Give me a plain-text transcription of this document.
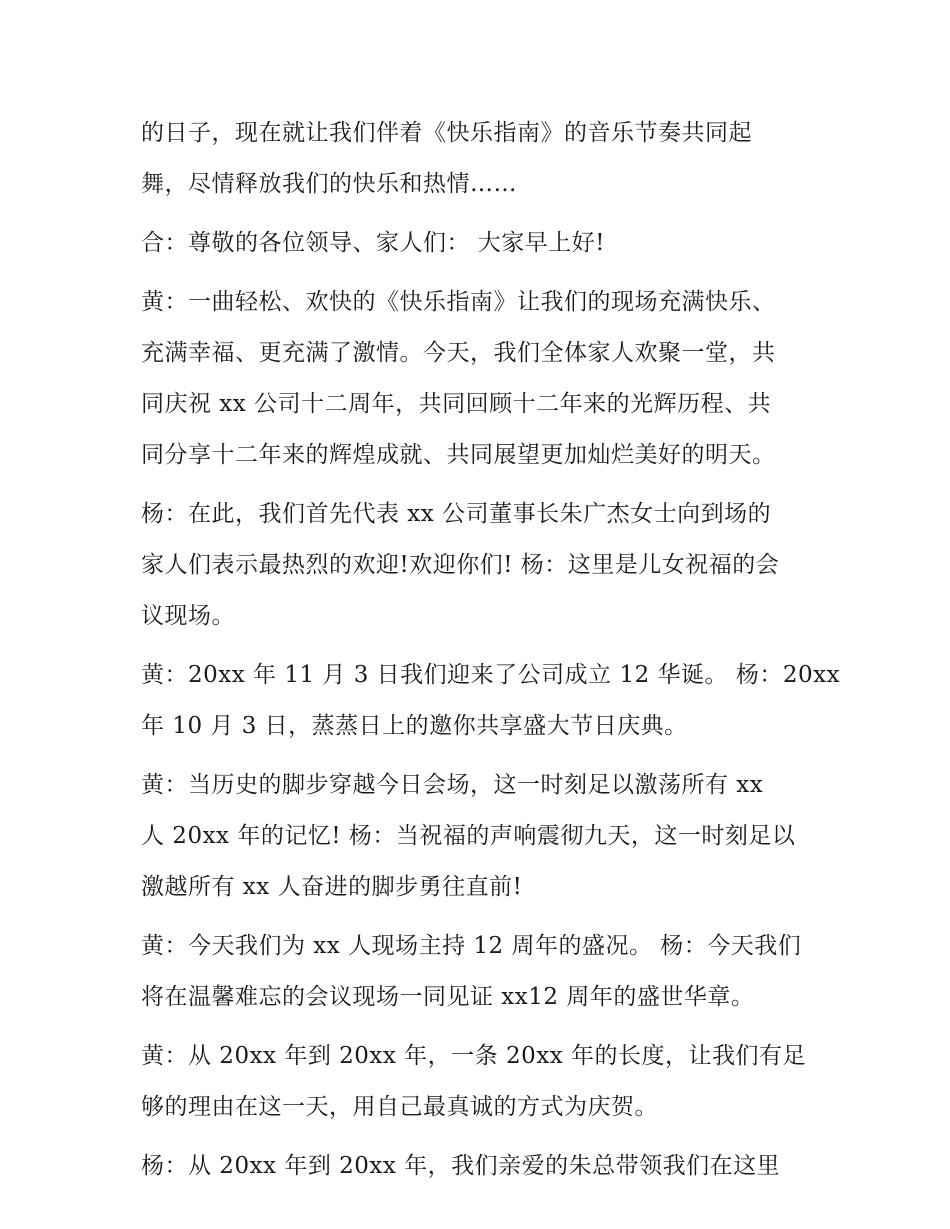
的日子，现在就让我们伴着《快乐指南》的音乐节奏共同起
舞，尽情释放我们的快乐和热情……

合：尊敬的各位领导、家人们： 大家早上好!

黄：一曲轻松、欢快的《快乐指南》让我们的现场充满快乐、
充满幸福、更充满了激情。今天，我们全体家人欢聚一堂，共
同庆祝 xx 公司十二周年，共同回顾十二年来的光辉历程、共
同分享十二年来的辉煌成就、共同展望更加灿烂美好的明天。

杨：在此，我们首先代表 xx 公司董事长朱广杰女士向到场的
家人们表示最热烈的欢迎!欢迎你们! 杨：这里是儿女祝福的会
议现场。

黄：20xx 年 11 月 3 日我们迎来了公司成立 12 华诞。 杨：20xx
年 10 月 3 日，蒸蒸日上的邀你共享盛大节日庆典。

黄：当历史的脚步穿越今日会场，这一时刻足以激荡所有 xx
人 20xx 年的记忆! 杨：当祝福的声响震彻九天，这一时刻足以
激越所有 xx 人奋进的脚步勇往直前!

黄：今天我们为 xx 人现场主持 12 周年的盛况。 杨：今天我们
将在温馨难忘的会议现场一同见证 xx12 周年的盛世华章。

黄：从 20xx 年到 20xx 年，一条 20xx 年的长度，让我们有足
够的理由在这一天，用自己最真诚的方式为庆贺。

杨：从 20xx 年到 20xx 年，我们亲爱的朱总带领我们在这里
